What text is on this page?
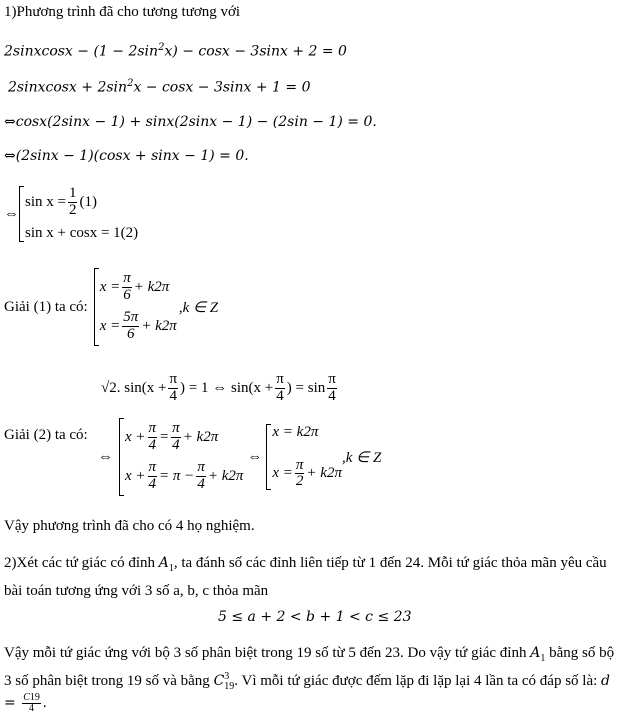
1)Phương trình đã cho tương tương với
2sinxcosx − $(1 - 2\sin^2x) - \cos x - 3\sin x + 2 = 0$
2sinxcosx + $2\sin^2x - \cos x - 3\sin x + 1 = 0$
⇔cosx(2sinx − 1) + sinx(2sinx − 1) − (2sin − 1) = 0.
⇔(2sinx − 1)(cosx + sinx − 1) = 0.
⇔
$\sin x = \frac{1}{2} (1)$
sin x + cosx = 1(2)
Giải (1) ta có:
$x = \frac{\pi}{6} + k2\pi$
$x = \frac{5\pi}{6} + k2\pi$
,k ∈ Z
√2 . $\sin(x + \frac{\pi}{4}$ ) = 1 ⇔ $\sin(x + \frac{\pi}{4}$ ) = $\sin \frac{\pi}{4}$
Giải (2) ta có:
⇔
$x + \frac{\pi}{4} = \frac{\pi}{4} + k2\pi$
$x + \frac{\pi}{4} = \pi - \frac{\pi}{4} + k2\pi$
⇔
x = k2π
$x = \frac{\pi}{2} + k2\pi$
,k ∈ Z
Vậy phương trình đã cho có 4 họ nghiệm.
2)Xét các tứ giác có đỉnh $A_1$, ta đánh số các đỉnh liên tiếp từ 1 đến 24. Mỗi tứ giác thỏa mãn yêu cầu bài toán tương ứng với 3 số a, b, c thỏa mãn
5 ≤ a + 2 < b + 1 < c ≤ 23
Vậy mỗi tứ giác ứng với bộ 3 số phân biệt trong 19 số từ 5 đến 23. Do vậy tứ giác đỉnh $A_1$ bằng số bộ 3 số phân biệt trong 19 số và bằng C 3
19 . Vì mỗi tứ giác được đếm lặp đi lặp lại 4 lần ta có đáp số là: $d = \frac{C19}{4}$ .
